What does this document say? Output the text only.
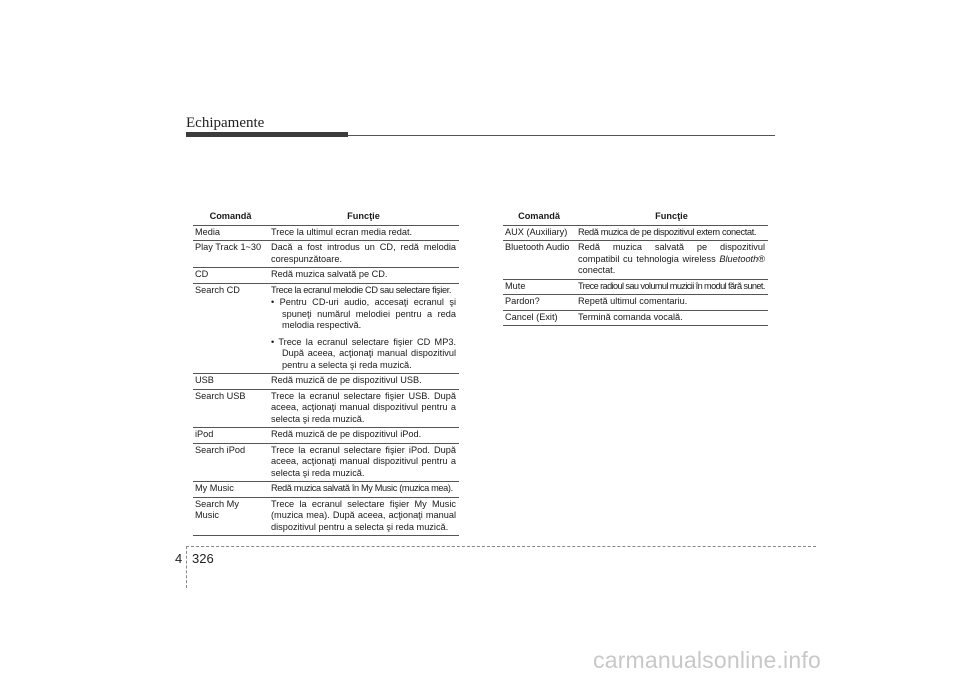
Echipamente
Comandă	Funcţie
Media	Trece la ultimul ecran media redat.
Play Track 1~30	Dacă a fost introdus un CD, redă melodia corespunzătoare.
CD	Redă muzica salvată pe CD.
Search CD	Trece la ecranul melodie CD sau selectare fişier.
• Pentru CD-uri audio, accesaţi ecranul şi spuneţi numărul melodiei pentru a reda melodia respectivă.
• Trece la ecranul selectare fişier CD MP3. După aceea, acţionaţi manual dispozitivul pentru a selecta şi reda muzică.

USB	Redă muzică de pe dispozitivul USB.
Search USB	Trece la ecranul selectare fişier USB. După aceea, acţionaţi manual dispozitivul pentru a selecta şi reda muzică.
iPod	Redă muzică de pe dispozitivul iPod.
Search iPod	Trece la ecranul selectare fişier iPod. După aceea, acţionaţi manual dispozitivul pentru a selecta şi reda muzică.
My Music	Redă muzica salvată în My Music (muzica mea).
Search My Music	Trece la ecranul selectare fişier My Music (muzica mea). După aceea, acţionaţi manual dispozitivul pentru a selecta şi reda muzică.
Comandă	Funcţie
AUX (Auxiliary)	Redă muzica de pe dispozitivul extern conectat.
Bluetooth Audio	Redă muzica salvată pe dispozitivul compatibil cu tehnologia wireless Bluetooth® conectat.
Mute	Trece radioul sau volumul muzicii în modul fără sunet.
Pardon?	Repetă ultimul comentariu.
Cancel (Exit)	Termină comanda vocală.
4 326
carmanualsonline.info
